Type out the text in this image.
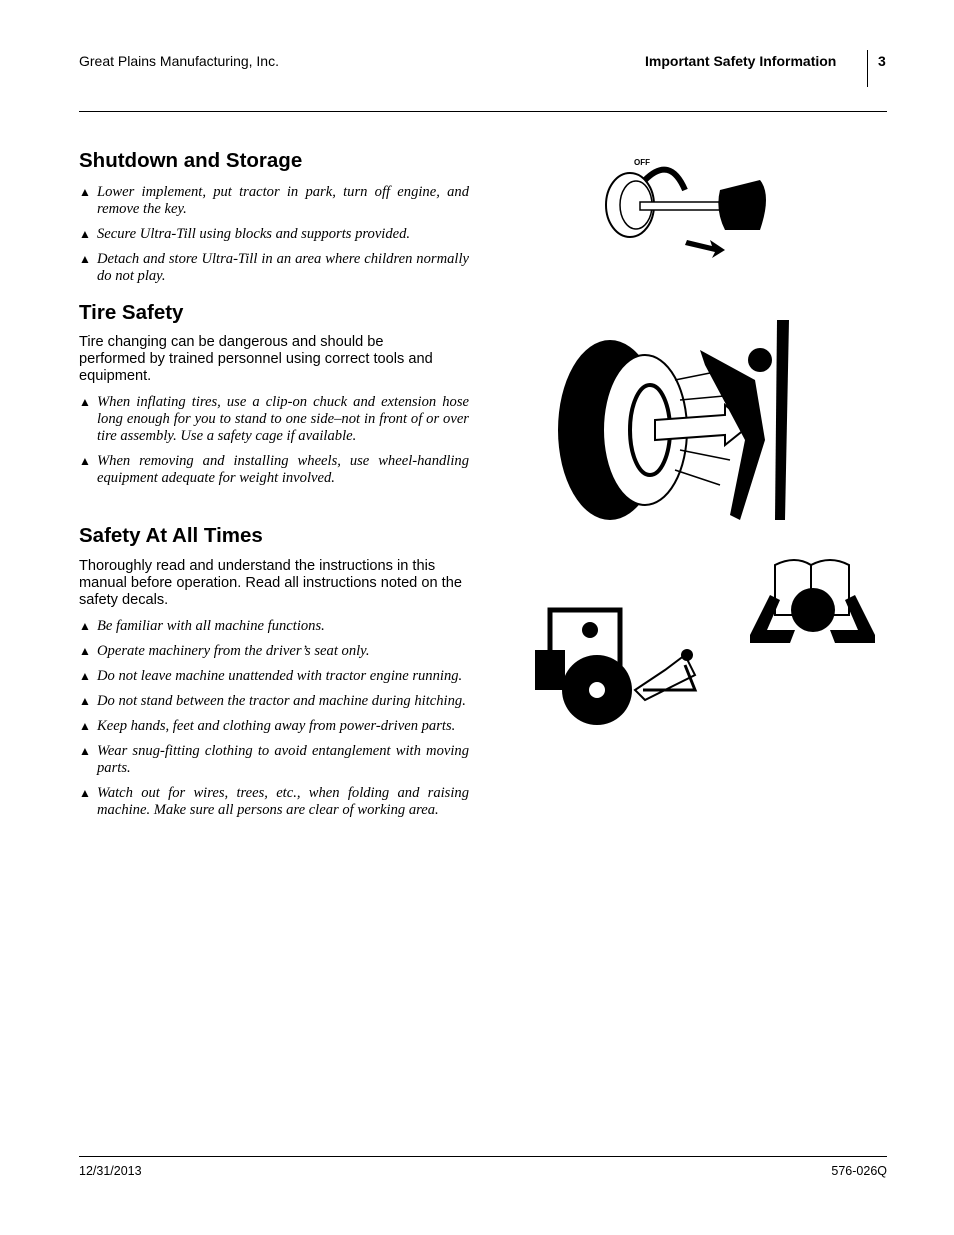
Great Plains Manufacturing, Inc.	Important Safety Information	3
Shutdown and Storage
▲ Lower implement, put tractor in park, turn off engine, and remove the key.
▲ Secure Ultra-Till using blocks and supports provided.
▲ Detach and store Ultra-Till in an area where children normally do not play.
Tire Safety

Tire changing can be dangerous and should be performed by trained personnel using correct tools and equipment.

▲ When inflating tires, use a clip-on chuck and extension hose long enough for you to stand to one side–not in front of or over tire assembly. Use a safety cage if available.
▲ When removing and installing wheels, use wheel-handling equipment adequate for weight involved.
Safety At All Times

Thoroughly read and understand the instructions in this manual before operation. Read all instructions noted on the safety decals.

▲ Be familiar with all machine functions.
▲ Operate machinery from the driver’s seat only.
▲ Do not leave machine unattended with tractor engine running.
▲ Do not stand between the tractor and machine during hitching.
▲ Keep hands, feet and clothing away from power-driven parts.
▲ Wear snug-fitting clothing to avoid entanglement with moving parts.
▲ Watch out for wires, trees, etc., when folding and raising machine. Make sure all persons are clear of working area.
OFF
12/31/2013	576-026Q
